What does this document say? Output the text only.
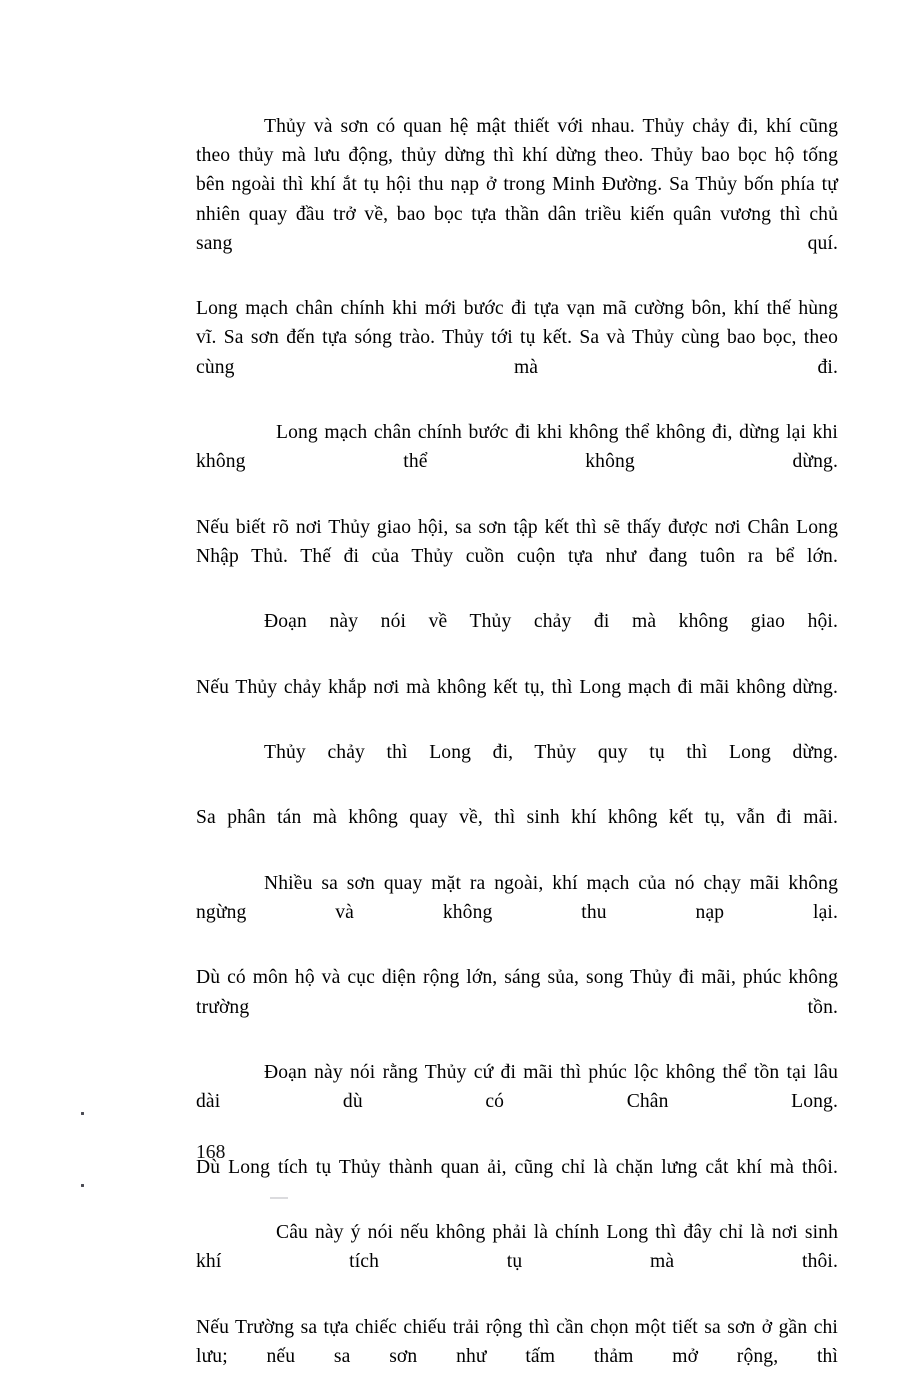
Thủy và sơn có quan hệ mật thiết với nhau. Thủy chảy đi, khí cũng theo thủy mà lưu động, thủy dừng thì khí dừng theo. Thủy bao bọc hộ tống bên ngoài thì khí ắt tụ hội thu nạp ở trong Minh Đường. Sa Thủy bốn phía tự nhiên quay đầu trở về, bao bọc tựa thần dân triều kiến quân vương thì chủ sang quí.

Long mạch chân chính khi mới bước đi tựa vạn mã cường bôn, khí thế hùng vĩ. Sa sơn đến tựa sóng trào. Thủy tới tụ kết. Sa và Thủy cùng bao bọc, theo cùng mà đi.

Long mạch chân chính bước đi khi không thể không đi, dừng lại khi không thể không dừng.

Nếu biết rõ nơi Thủy giao hội, sa sơn tập kết thì sẽ thấy được nơi Chân Long Nhập Thủ. Thế đi của Thủy cuồn cuộn tựa như đang tuôn ra bể lớn.

Đoạn này nói về Thủy chảy đi mà không giao hội.

Nếu Thủy chảy khắp nơi mà không kết tụ, thì Long mạch đi mãi không dừng.

Thủy chảy thì Long đi, Thủy quy tụ thì Long dừng.

Sa phân tán mà không quay về, thì sinh khí không kết tụ, vẫn đi mãi.

Nhiều sa sơn quay mặt ra ngoài, khí mạch của nó chạy mãi không ngừng và không thu nạp lại.

Dù có môn hộ và cục diện rộng lớn, sáng sủa, song Thủy đi mãi, phúc không trường tồn.

Đoạn này nói rằng Thủy cứ đi mãi thì phúc lộc không thể tồn tại lâu dài dù có Chân Long.

Dù Long tích tụ Thủy thành quan ải, cũng chỉ là chặn lưng cắt khí mà thôi.

Câu này ý nói nếu không phải là chính Long thì đây chỉ là nơi sinh khí tích tụ mà thôi.

Nếu Trường sa tựa chiếc chiếu trải rộng thì cần chọn một tiết sa sơn ở gần chi lưu; nếu sa sơn như tấm thảm mở rộng, thì

168
